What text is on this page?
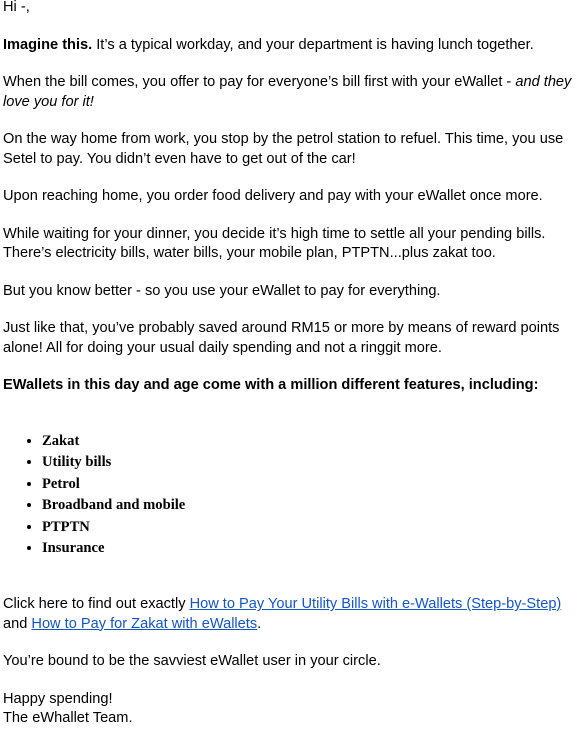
Hi -,

Imagine this. It’s a typical workday, and your department is having lunch together.

When the bill comes, you offer to pay for everyone’s bill first with your eWallet - and they love you for it!

On the way home from work, you stop by the petrol station to refuel. This time, you use Setel to pay. You didn’t even have to get out of the car!

Upon reaching home, you order food delivery and pay with your eWallet once more.

While waiting for your dinner, you decide it’s high time to settle all your pending bills. There’s electricity bills, water bills, your mobile plan, PTPTN...plus zakat too.

But you know better - so you use your eWallet to pay for everything.

Just like that, you’ve probably saved around RM15 or more by means of reward points alone! All for doing your usual daily spending and not a ringgit more.

EWallets in this day and age come with a million different features, including:

• Zakat
• Utility bills
• Petrol
• Broadband and mobile
• PTPTN
• Insurance

Click here to find out exactly How to Pay Your Utility Bills with e-Wallets (Step-by-Step) and How to Pay for Zakat with eWallets.

You’re bound to be the savviest eWallet user in your circle.

Happy spending!

The eWhallet Team.
